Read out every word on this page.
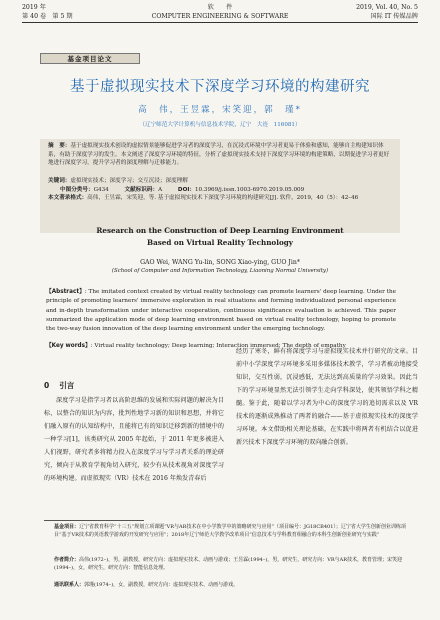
2019 年	软　　件	2019, Vol. 40, No. 5
第 40 卷　第 5 期	COMPUTER ENGINEERING & SOFTWARE	国际 IT 传媒品牌
基金项目论文
基于虚拟现实技术下深度学习环境的构建研究
高　伟，王昱霖，宋笑迎，郭　瑾*
（辽宁师范大学计算机与信息技术学院，辽宁　大连　116081）
摘　要：基于虚拟现实技术创设的虚拟情景能够促进学习者的深度学习，在沉浸式环境中学习者更易于体验和感知，能够自主构建知识体系，有助于深度学习的发生。本文阐述了深度学习环境的特征，分析了虚拟现实技术支持下深度学习环境的构建策略，以期促进学习者更好地进行深度学习，提升学习者的深度理解与迁移能力。
关键词：虚拟现实技术；深度学习；交互沉浸；深度理解
中图分类号：G434	文献标识码：A	DOI：10.3969/j.issn.1003-6970.2019.05.009
本文著录格式：高伟，王昱霖，宋笑迎，等. 基于虚拟现实技术下深度学习环境的构建研究[J]. 软件，2019，40（5）：42–46
Research on the Construction of Deep Learning Environment
Based on Virtual Reality Technology
GAO Wei, WANG Yu-lin, SONG Xiao-ying, GUO Jin*
(School of Computer and Information Technology, Liaoning Normal University)
【Abstract】: The imitated context created by virtual reality technology can promote learners' deep learning. Under the principle of promoting learners' immersive exploration in real situations and forming individualized personal experience and in-depth transformation under interactive cooperation, continuous significance evaluation is achieved. This paper summarized the application mode of deep learning environment based on virtual reality technology, hoping to promote the two-way fusion innovation of the deep learning environment under the emerging technology.
【Key words】: Virtual reality technology; Deep learning; Interaction immersed; The depth of empathy
0 引言
深度学习是指学习者以高阶思维的发展和实际问题的解决为目标，以整合的知识为内容，批判性地学习新的知识和思想，并将它们融入原有的认知结构中，且能将已有的知识迁移到新的情境中的一种学习[1]，该类研究从 2005 年起始，于 2011 年更多被进入人们视野，研究者多将精力投入在深度学习与学习者关系的理论研究，倾向于从教育学视角切入研究，较少有从技术视角对深度学习的环境构建。而虚拟现实（VR）技术在 2016 年焕发青春后
经历了寒冬，鲜有将深度学习与虚拟现实技术并行研究的文章。目前中小学深度学习环境多采用多媒体技术教学，学习者被动地接受知识，交互性弱，沉浸感低，无法达到高质量的学习效果。因此当下的学习环境显然无法引领学生走向学科深处，使其领悟学科之精髓。鉴于此，随着以学习者为中心的深度学习的追切需求以及 VR 技术的逐渐成熟推动了两者的融合——基于虚拟现实技术的深度学习环境。本文借助相关理论基础，在实践中将两者有机结合以促进新兴技术下深度学习环境的双向融合创新。
基金项目：辽宁省教育科学“十三五”规划立项课题“VR与AR技术在中小学教学中的策略研究与应用”（项目编号：JG18CB401）；辽宁省大学生创新创业训练项目“基于VR技术的英语教学游戏的开发研究与应用”；2018年辽宁师范大学教学改革项目“信息技术与学科教育相融合的本科生创新创业研究与实践”
作者简介：高伟(1972–)，男，副教授，研究方向：虚拟现实技术、动画与游戏；王昱霖(1994–)，男，研究生，研究方向：VR与AR技术，教育管理；宋笑迎(1994–)，女，研究生，研究方向：智能信息处理。
通讯联系人：郭瑾(1974–)，女，副教授，研究方向：虚拟现实技术、动画与游戏。
